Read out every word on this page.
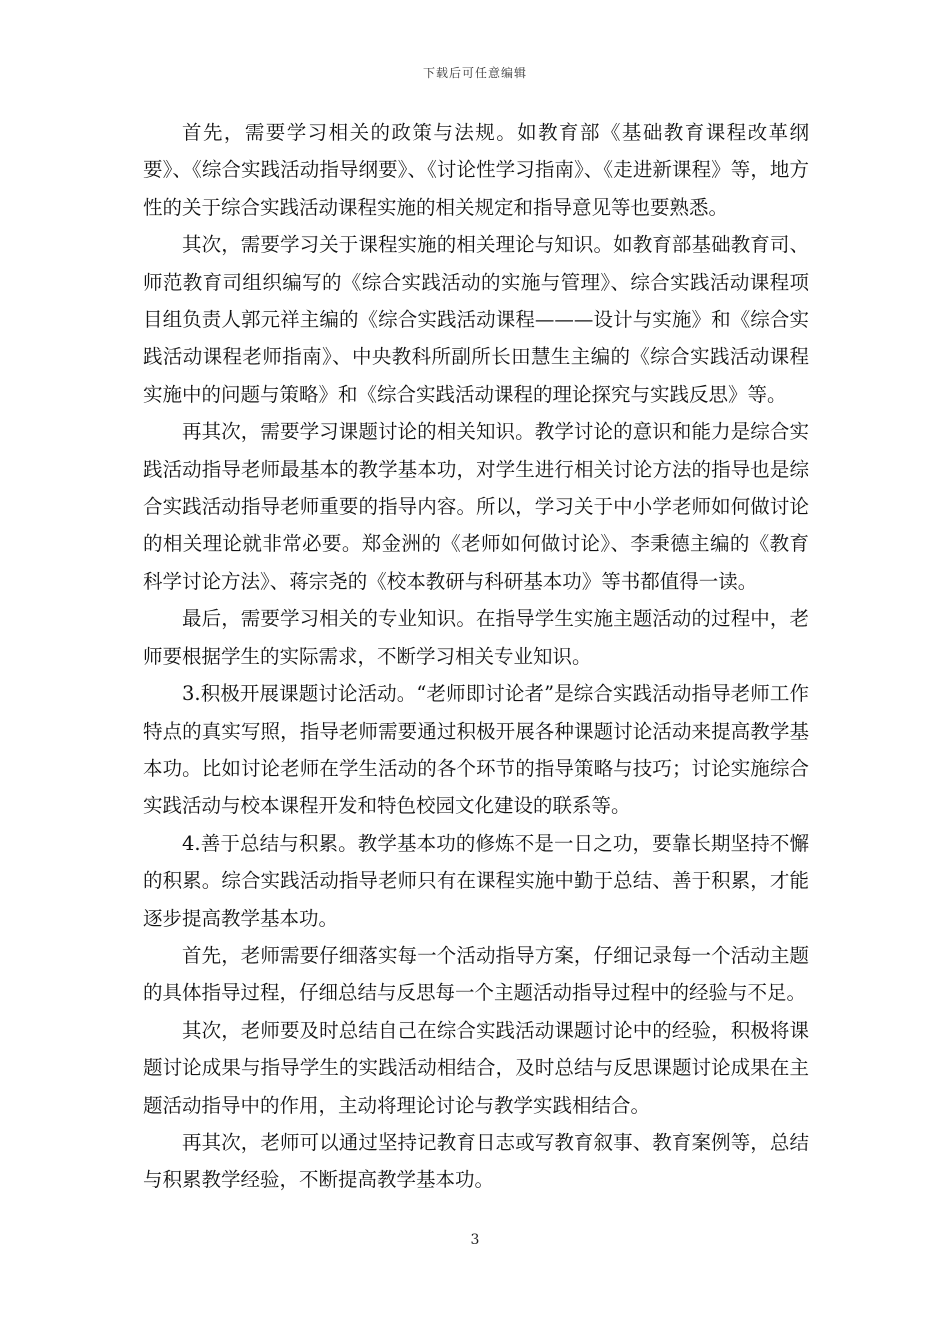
下载后可任意编辑

首先，需要学习相关的政策与法规。如教育部《基础教育课程改革纲要》、《综合实践活动指导纲要》、《讨论性学习指南》、《走进新课程》等，地方性的关于综合实践活动课程实施的相关规定和指导意见等也要熟悉。

其次，需要学习关于课程实施的相关理论与知识。如教育部基础教育司、师范教育司组织编写的《综合实践活动的实施与管理》、综合实践活动课程项目组负责人郭元祥主编的《综合实践活动课程———设计与实施》和《综合实践活动课程老师指南》、中央教科所副所长田慧生主编的《综合实践活动课程实施中的问题与策略》和《综合实践活动课程的理论探究与实践反思》等。

再其次，需要学习课题讨论的相关知识。教学讨论的意识和能力是综合实践活动指导老师最基本的教学基本功，对学生进行相关讨论方法的指导也是综合实践活动指导老师重要的指导内容。所以，学习关于中小学老师如何做讨论的相关理论就非常必要。郑金洲的《老师如何做讨论》、李秉德主编的《教育科学讨论方法》、蒋宗尧的《校本教研与科研基本功》等书都值得一读。

最后，需要学习相关的专业知识。在指导学生实施主题活动的过程中，老师要根据学生的实际需求，不断学习相关专业知识。

3.积极开展课题讨论活动。“老师即讨论者”是综合实践活动指导老师工作特点的真实写照，指导老师需要通过积极开展各种课题讨论活动来提高教学基本功。比如讨论老师在学生活动的各个环节的指导策略与技巧；讨论实施综合实践活动与校本课程开发和特色校园文化建设的联系等。

4.善于总结与积累。教学基本功的修炼不是一日之功，要靠长期坚持不懈的积累。综合实践活动指导老师只有在课程实施中勤于总结、善于积累，才能逐步提高教学基本功。

首先，老师需要仔细落实每一个活动指导方案，仔细记录每一个活动主题的具体指导过程，仔细总结与反思每一个主题活动指导过程中的经验与不足。

其次，老师要及时总结自己在综合实践活动课题讨论中的经验，积极将课题讨论成果与指导学生的实践活动相结合，及时总结与反思课题讨论成果在主题活动指导中的作用，主动将理论讨论与教学实践相结合。

再其次，老师可以通过坚持记教育日志或写教育叙事、教育案例等，总结与积累教学经验，不断提高教学基本功。

3
